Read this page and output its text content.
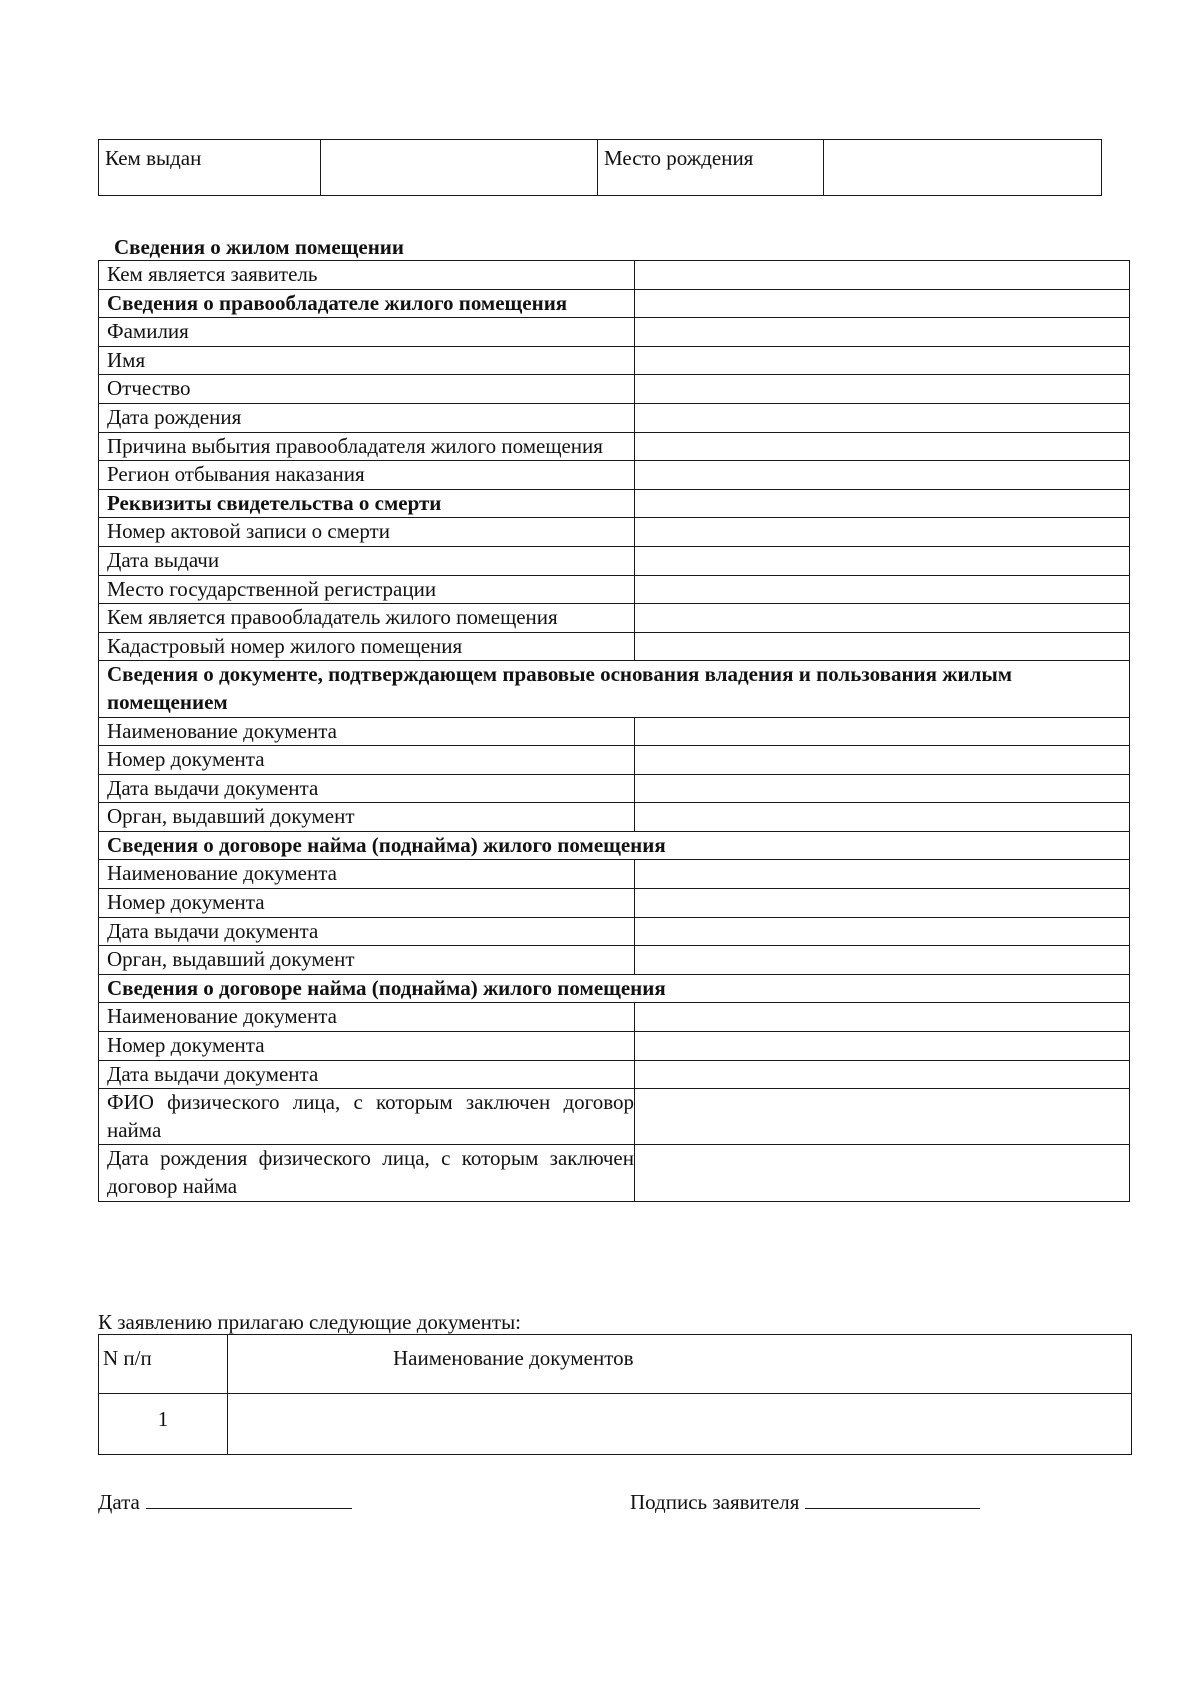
Кем выдан		Место рождения	
Сведения о жилом помещении
Кем является заявитель	
Сведения о правообладателе жилого помещения	
Фамилия	
Имя	
Отчество	
Дата рождения	
Причина выбытия правообладателя жилого помещения	
Регион отбывания наказания	
Реквизиты свидетельства о смерти	
Номер актовой записи о смерти	
Дата выдачи	
Место государственной регистрации	
Кем является правообладатель жилого помещения	
Кадастровый номер жилого помещения	
Сведения о документе, подтверждающем правовые основания владения и пользования жилым помещением	
Наименование документа	
Номер документа	
Дата выдачи документа	
Орган, выдавший документ	
Сведения о договоре найма (поднайма) жилого помещения	
Наименование документа	
Номер документа	
Дата выдачи документа	
Орган, выдавший документ	
Сведения о договоре найма (поднайма) жилого помещения	
Наименование документа	
Номер документа	
Дата выдачи документа	
ФИО физического лица, с которым заключен договор найма	
Дата рождения физического лица, с которым заключен договор найма	
К заявлению прилагаю следующие документы:
N п/п	Наименование документов
1	
Дата	Подпись заявителя
